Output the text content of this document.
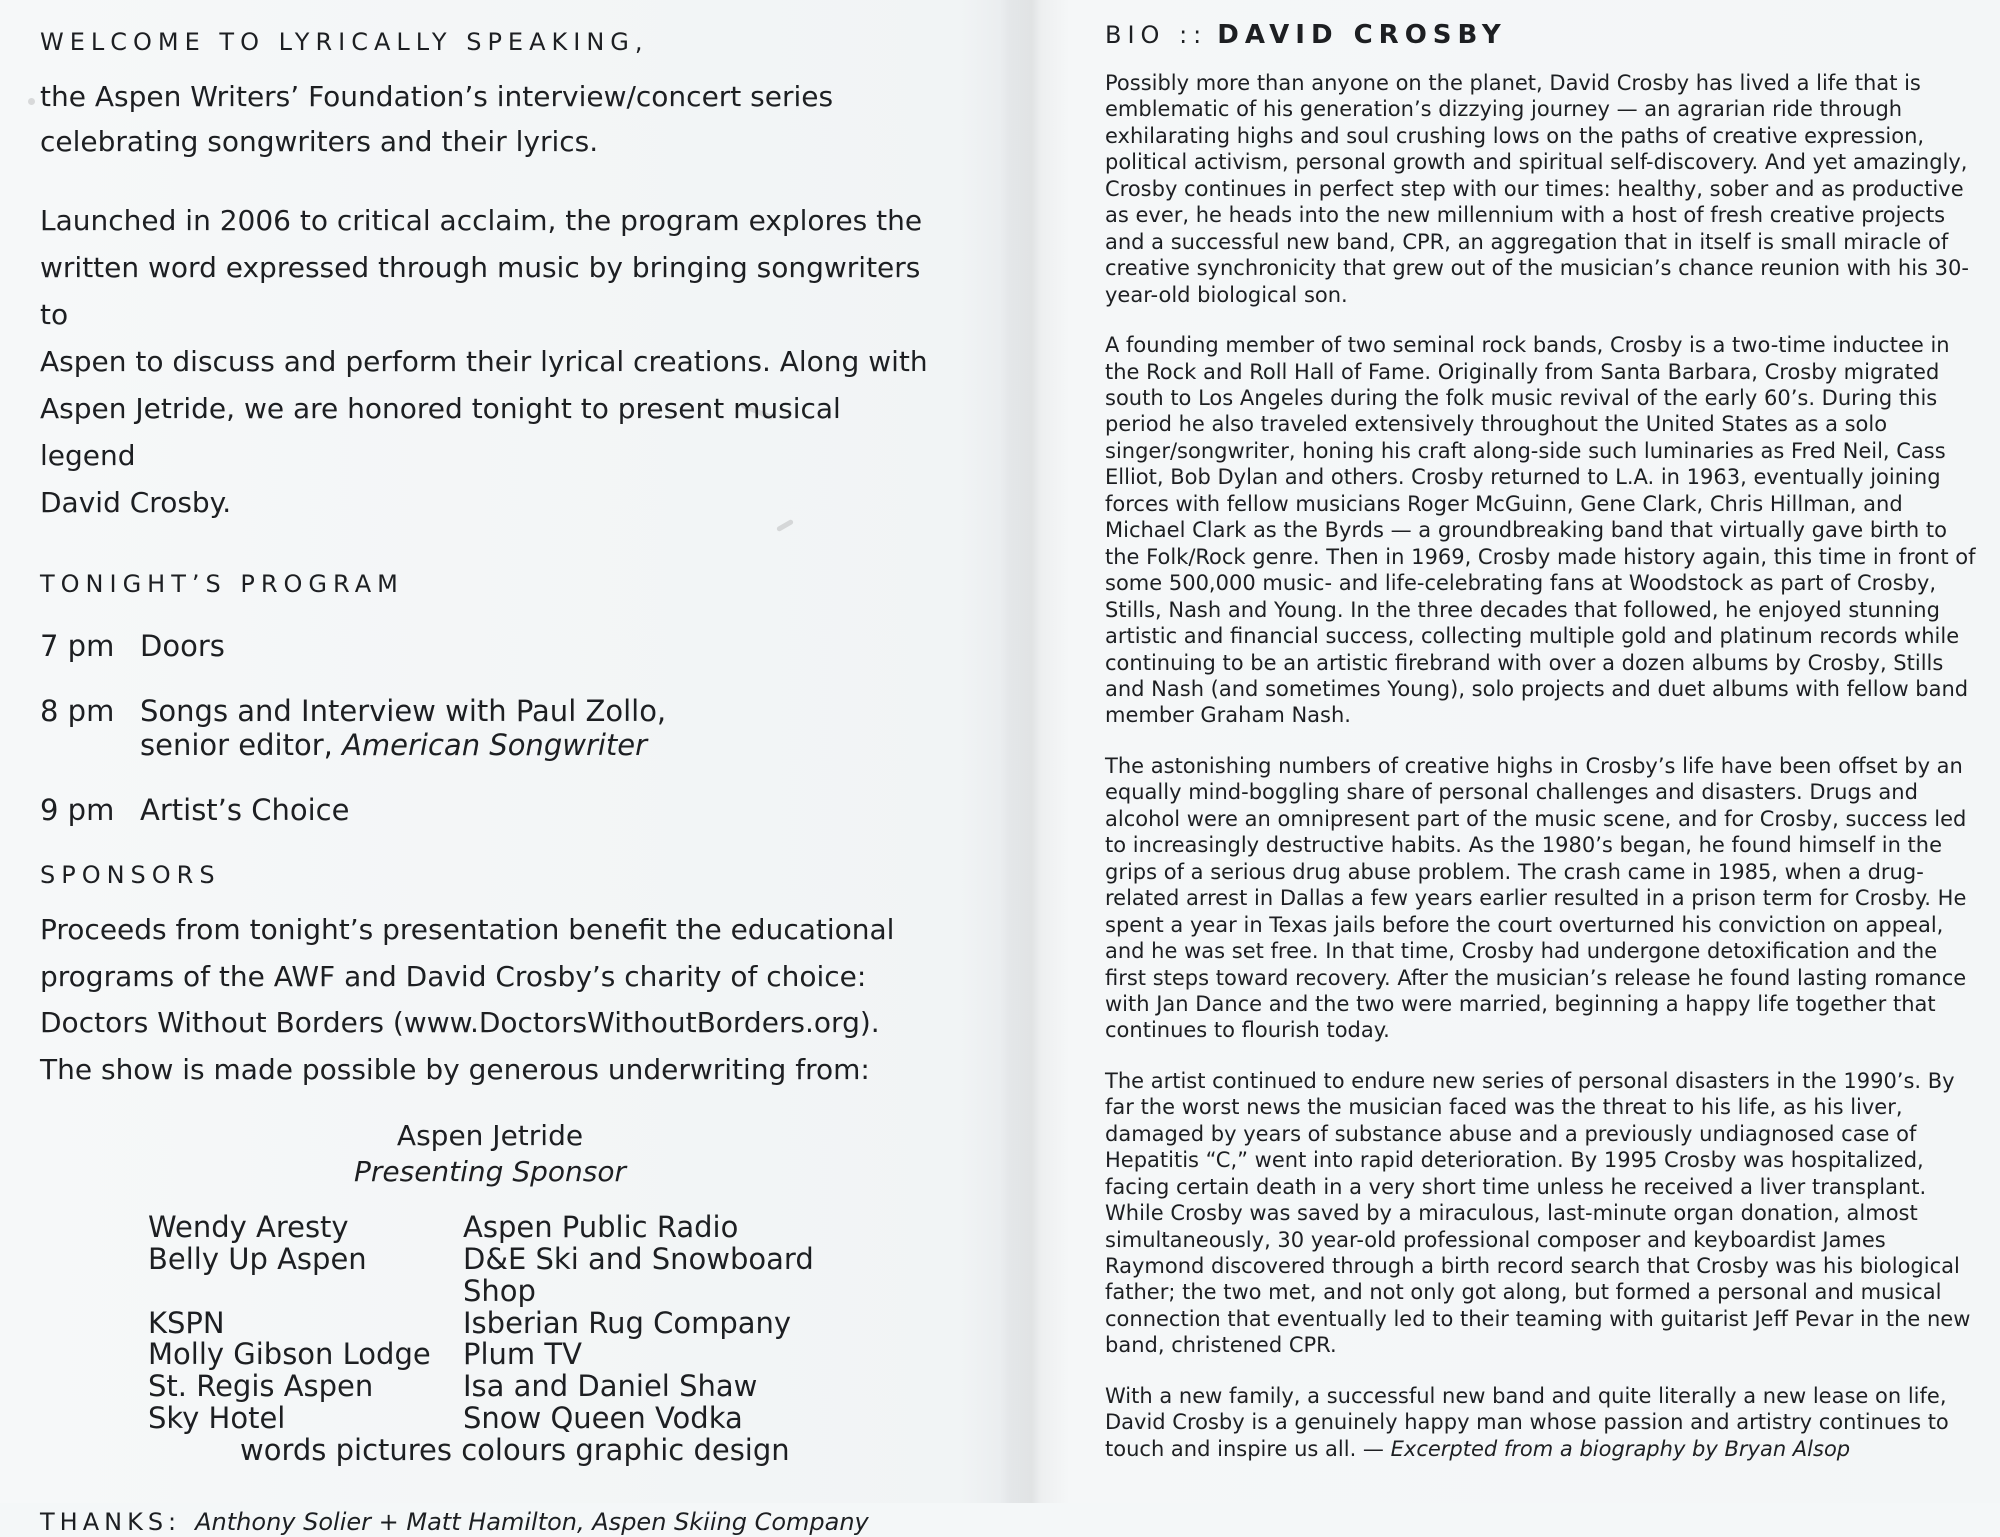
WELCOME TO LYRICALLY SPEAKING,
the Aspen Writers’ Foundation’s interview/concert series
celebrating songwriters and their lyrics.
Launched in 2006 to critical acclaim, the program explores the
written word expressed through music by bringing songwriters to
Aspen to discuss and perform their lyrical creations. Along with
Aspen Jetride, we are honored tonight to present musical legend
David Crosby.
TONIGHT’S PROGRAM
7 pm Doors
8 pm Songs and Interview with Paul Zollo,
senior editor, American Songwriter
9 pm Artist’s Choice
SPONSORS
Proceeds from tonight’s presentation benefit the educational
programs of the AWF and David Crosby’s charity of choice:
Doctors Without Borders (www.DoctorsWithoutBorders.org).
The show is made possible by generous underwriting from:
Aspen Jetride
Presenting Sponsor
Wendy Aresty	Aspen Public Radio
Belly Up Aspen	D&E Ski and Snowboard Shop
KSPN	Isberian Rug Company
Molly Gibson Lodge	Plum TV
St. Regis Aspen	Isa and Daniel Shaw
Sky Hotel	Snow Queen Vodka
words pictures colours graphic design
THANKS: Anthony Solier + Matt Hamilton, Aspen Skiing Company
BIO :: DAVID CROSBY

Possibly more than anyone on the planet, David Crosby has lived a life that is emblematic of his generation’s dizzying journey — an agrarian ride through exhilarating highs and soul crushing lows on the paths of creative expression, political activism, personal growth and spiritual self-discovery. And yet amazingly, Crosby continues in perfect step with our times: healthy, sober and as productive as ever, he heads into the new millennium with a host of fresh creative projects and a successful new band, CPR, an aggregation that in itself is small miracle of creative synchronicity that grew out of the musician’s chance reunion with his 30-year-old biological son.

A founding member of two seminal rock bands, Crosby is a two-time inductee in the Rock and Roll Hall of Fame. Originally from Santa Barbara, Crosby migrated south to Los Angeles during the folk music revival of the early 60’s. During this period he also traveled extensively throughout the United States as a solo singer/songwriter, honing his craft along-side such luminaries as Fred Neil, Cass Elliot, Bob Dylan and others. Crosby returned to L.A. in 1963, eventually joining forces with fellow musicians Roger McGuinn, Gene Clark, Chris Hillman, and Michael Clark as the Byrds — a groundbreaking band that virtually gave birth to the Folk/Rock genre. Then in 1969, Crosby made history again, this time in front of some 500,000 music- and life-celebrating fans at Woodstock as part of Crosby, Stills, Nash and Young. In the three decades that followed, he enjoyed stunning artistic and financial success, collecting multiple gold and platinum records while continuing to be an artistic firebrand with over a dozen albums by Crosby, Stills and Nash (and sometimes Young), solo projects and duet albums with fellow band member Graham Nash.

The astonishing numbers of creative highs in Crosby’s life have been offset by an equally mind-boggling share of personal challenges and disasters. Drugs and alcohol were an omnipresent part of the music scene, and for Crosby, success led to increasingly destructive habits. As the 1980’s began, he found himself in the grips of a serious drug abuse problem. The crash came in 1985, when a drug-related arrest in Dallas a few years earlier resulted in a prison term for Crosby. He spent a year in Texas jails before the court overturned his conviction on appeal, and he was set free. In that time, Crosby had undergone detoxification and the first steps toward recovery. After the musician’s release he found lasting romance with Jan Dance and the two were married, beginning a happy life together that continues to flourish today.

The artist continued to endure new series of personal disasters in the 1990’s. By far the worst news the musician faced was the threat to his life, as his liver, damaged by years of substance abuse and a previously undiagnosed case of Hepatitis “C,” went into rapid deterioration. By 1995 Crosby was hospitalized, facing certain death in a very short time unless he received a liver transplant. While Crosby was saved by a miraculous, last-minute organ donation, almost simultaneously, 30 year-old professional composer and keyboardist James Raymond discovered through a birth record search that Crosby was his biological father; the two met, and not only got along, but formed a personal and musical connection that eventually led to their teaming with guitarist Jeff Pevar in the new band, christened CPR.

With a new family, a successful new band and quite literally a new lease on life, David Crosby is a genuinely happy man whose passion and artistry continues to touch and inspire us all. — Excerpted from a biography by Bryan Alsop
